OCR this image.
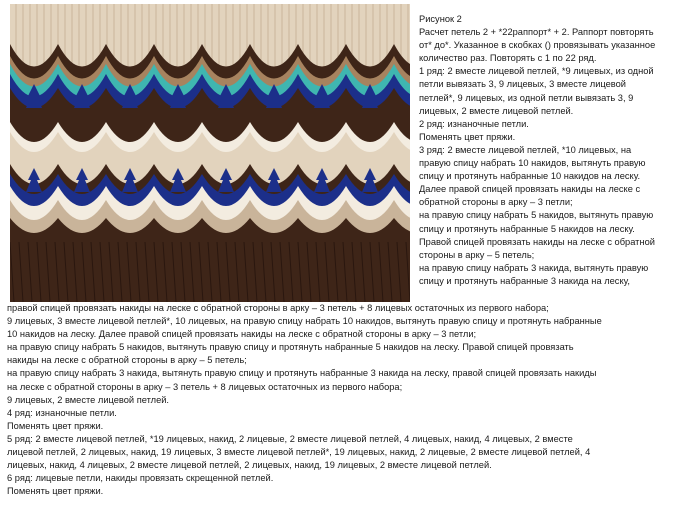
Рисунок 2
Расчет петель 2 + *22раппорт* + 2. Раппорт повторять
от* до*. Указанное в скобках () провязывать указанное
количество раз. Повторять с 1 по 22 ряд.
1 ряд: 2 вместе лицевой петлей, *9 лицевых, из одной
петли вывязать 3, 9 лицевых, 3 вместе лицевой
петлей*, 9 лицевых, из одной петли вывязать 3, 9
лицевых, 2 вместе лицевой петлей.
2 ряд: изнаночные петли.
Поменять цвет пряжи.
3 ряд: 2 вместе лицевой петлей, *10 лицевых, на
правую спицу набрать 10 накидов, вытянуть правую
спицу и протянуть набранные 10 накидов на леску.
Далее правой спицей провязать накиды на леске с
обратной стороны в арку – 3 петли;
на правую спицу набрать 5 накидов, вытянуть правую
спицу и протянуть набранные 5 накидов на леску.
Правой спицей провязать накиды на леске с обратной
стороны в арку – 5 петель;
на правую спицу набрать 3 накида, вытянуть правую
спицу и протянуть набранные 3 накида на леску,
правой спицей провязать накиды на леске с обратной стороны в арку – 3 петель + 8 лицевых остаточных из первого набора;
9 лицевых, 3 вместе лицевой петлей*, 10 лицевых, на правую спицу набрать 10 накидов, вытянуть правую спицу и протянуть набранные
10 накидов на леску. Далее правой спицей провязать накиды на леске с обратной стороны в арку – 3 петли;
на правую спицу набрать 5 накидов, вытянуть правую спицу и протянуть набранные 5 накидов на леску. Правой спицей провязать
накиды на леске с обратной стороны в арку – 5 петель;
на правую спицу набрать 3 накида, вытянуть правую спицу и протянуть набранные 3 накида на леску, правой спицей провязать накиды
на леске с обратной стороны в арку – 3 петель + 8 лицевых остаточных из первого набора;
9 лицевых, 2 вместе лицевой петлей.
4 ряд: изнаночные петли.
Поменять цвет пряжи.
5 ряд: 2 вместе лицевой петлей, *19 лицевых, накид, 2 лицевые, 2 вместе лицевой петлей, 4 лицевых, накид, 4 лицевых, 2 вместе
лицевой петлей, 2 лицевых, накид, 19 лицевых, 3 вместе лицевой петлей*, 19 лицевых, накид, 2 лицевые, 2 вместе лицевой петлей, 4
лицевых, накид, 4 лицевых, 2 вместе лицевой петлей, 2 лицевых, накид, 19 лицевых, 2 вместе лицевой петлей.
6 ряд: лицевые петли, накиды провязать скрещенной петлей.
Поменять цвет пряжи.
